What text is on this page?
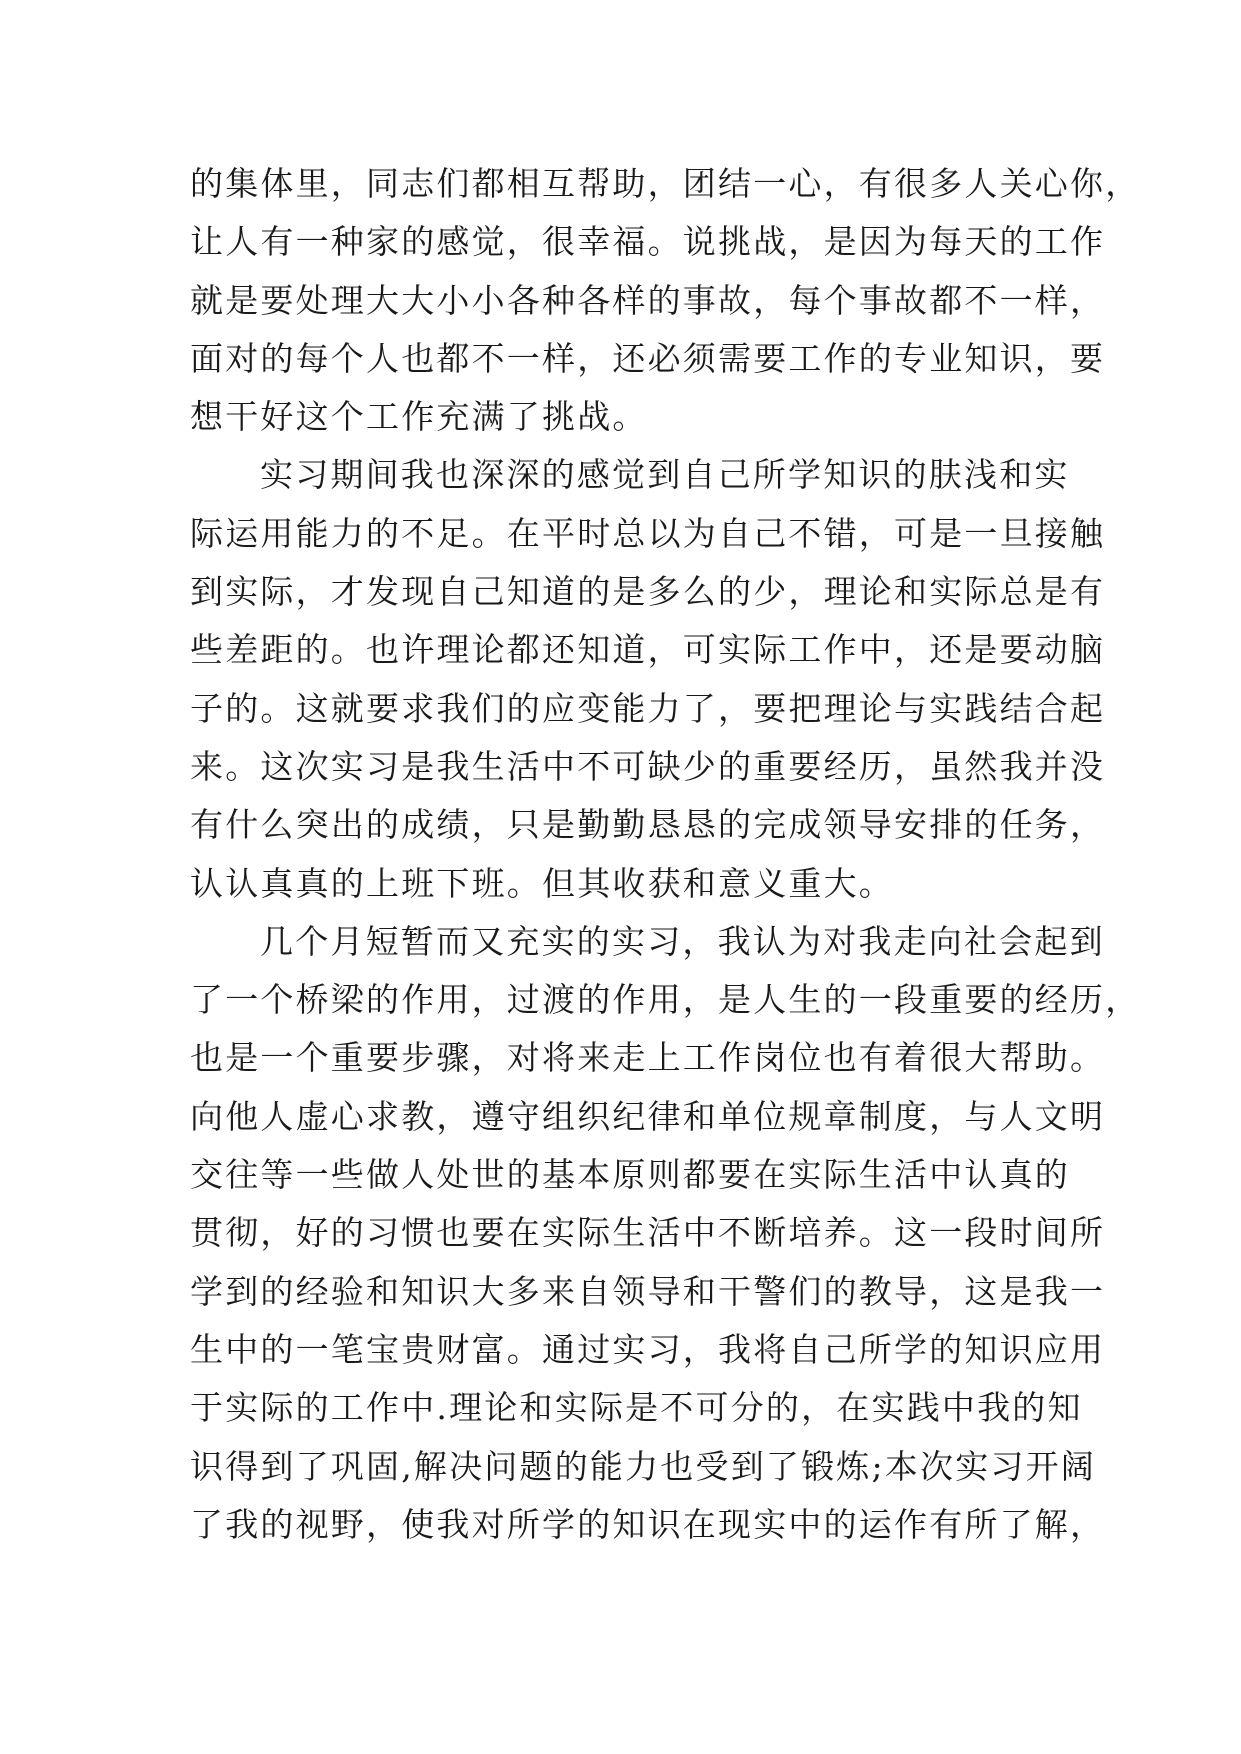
的集体里，同志们都相互帮助，团结一心，有很多人关心你，
让人有一种家的感觉，很幸福。说挑战，是因为每天的工作
就是要处理大大小小各种各样的事故，每个事故都不一样，
面对的每个人也都不一样，还必须需要工作的专业知识，要
想干好这个工作充满了挑战。
实习期间我也深深的感觉到自己所学知识的肤浅和实
际运用能力的不足。在平时总以为自己不错，可是一旦接触
到实际，才发现自己知道的是多么的少，理论和实际总是有
些差距的。也许理论都还知道，可实际工作中，还是要动脑
子的。这就要求我们的应变能力了，要把理论与实践结合起
来。这次实习是我生活中不可缺少的重要经历，虽然我并没
有什么突出的成绩，只是勤勤恳恳的完成领导安排的任务，
认认真真的上班下班。但其收获和意义重大。
几个月短暂而又充实的实习，我认为对我走向社会起到
了一个桥梁的作用，过渡的作用，是人生的一段重要的经历，
也是一个重要步骤，对将来走上工作岗位也有着很大帮助。
向他人虚心求教，遵守组织纪律和单位规章制度，与人文明
交往等一些做人处世的基本原则都要在实际生活中认真的
贯彻，好的习惯也要在实际生活中不断培养。这一段时间所
学到的经验和知识大多来自领导和干警们的教导，这是我一
生中的一笔宝贵财富。通过实习，我将自己所学的知识应用
于实际的工作中.理论和实际是不可分的，在实践中我的知
识得到了巩固,解决问题的能力也受到了锻炼;本次实习开阔
了我的视野，使我对所学的知识在现实中的运作有所了解，
